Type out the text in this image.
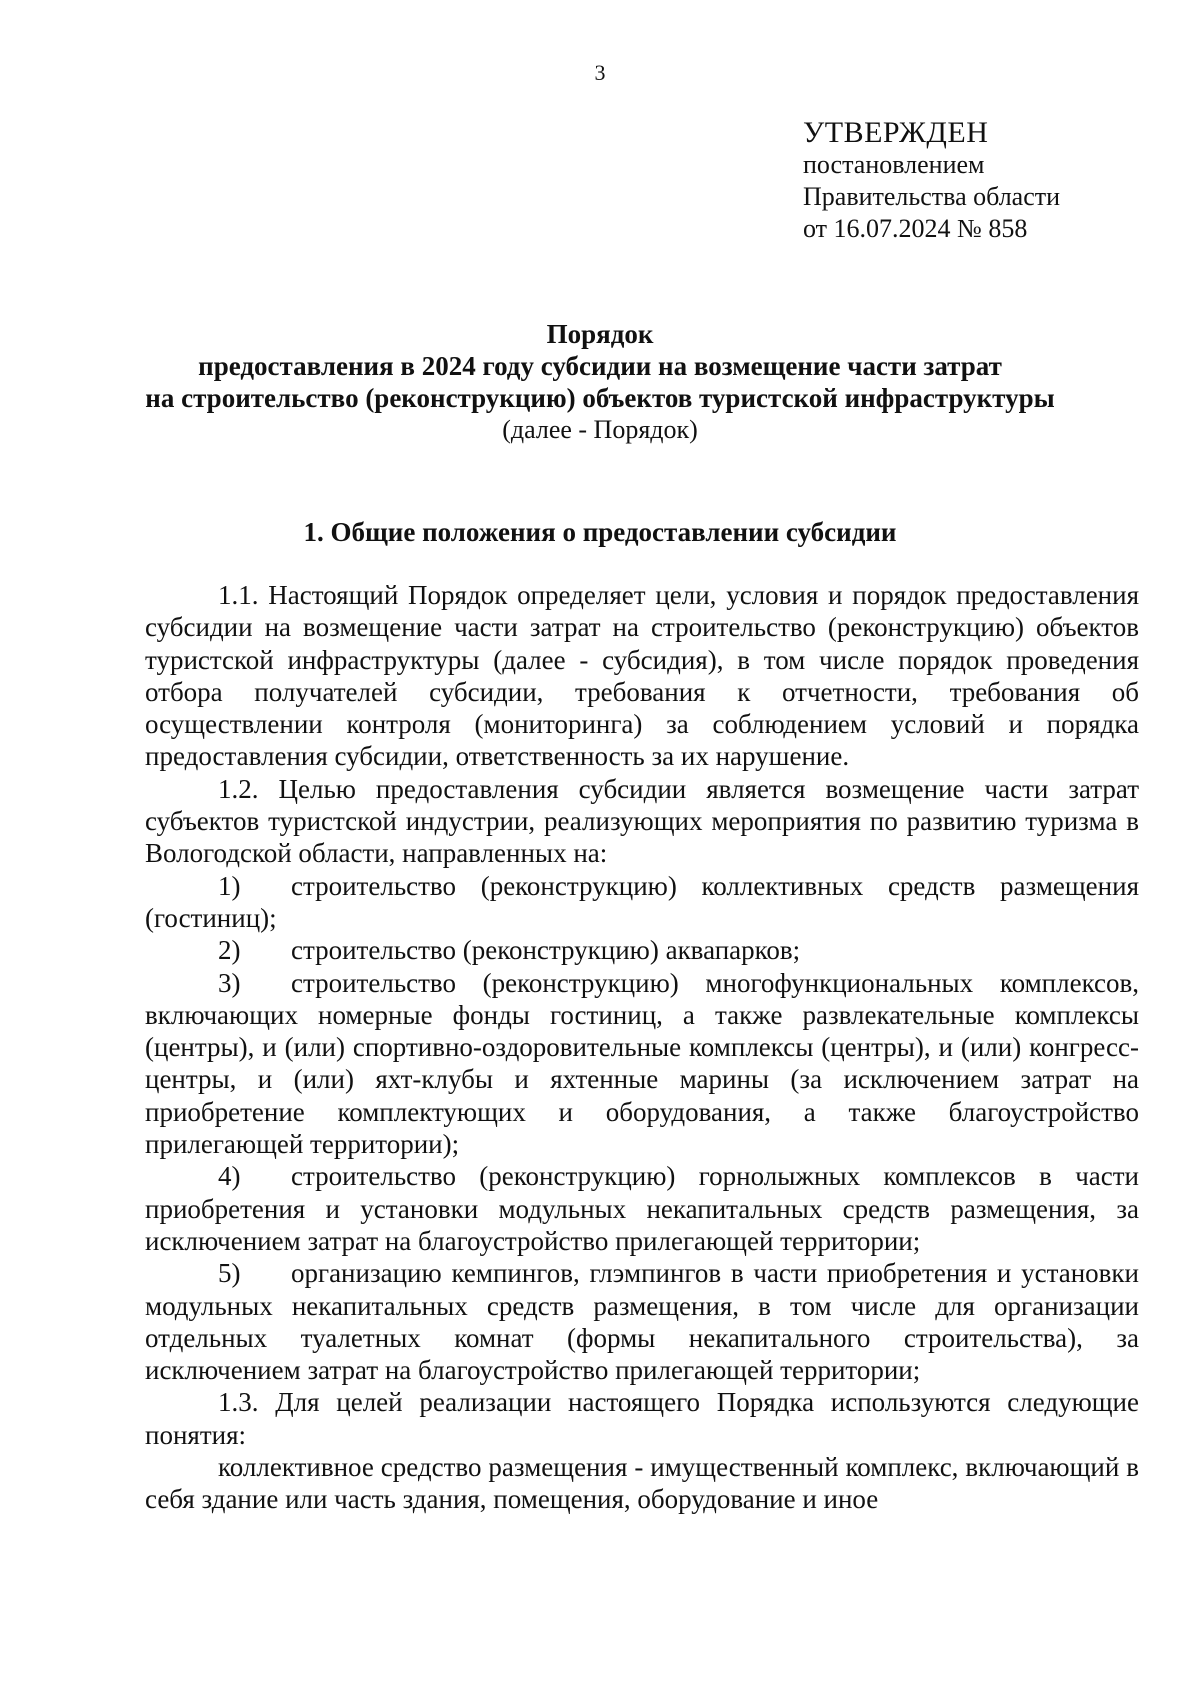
3
УТВЕРЖДЕН
постановлением
Правительства области
от 16.07.2024 № 858
Порядок
предоставления в 2024 году субсидии на возмещение части затрат
на строительство (реконструкцию) объектов туристской инфраструктуры
(далее - Порядок)
1. Общие положения о предоставлении субсидии

1.1. Настоящий Порядок определяет цели, условия и порядок предоставления субсидии на возмещение части затрат на строительство (реконструкцию) объектов туристской инфраструктуры (далее - субсидия), в том числе порядок проведения отбора получателей субсидии, требования к отчетности, требования об осуществлении контроля (мониторинга) за соблюдением условий и порядка предоставления субсидии, ответственность за их нарушение.

1.2. Целью предоставления субсидии является возмещение части затрат субъектов туристской индустрии, реализующих мероприятия по развитию туризма в Вологодской области, направленных на:

1) строительство (реконструкцию) коллективных средств размещения (гостиниц);

2) строительство (реконструкцию) аквапарков;

3) строительство (реконструкцию) многофункциональных комплексов, включающих номерные фонды гостиниц, а также развлекательные комплексы (центры), и (или) спортивно-оздоровительные комплексы (центры), и (или) конгресс-центры, и (или) яхт-клубы и яхтенные марины (за исключением затрат на приобретение комплектующих и оборудования, а также благоустройство прилегающей территории);

4) строительство (реконструкцию) горнолыжных комплексов в части приобретения и установки модульных некапитальных средств размещения, за исключением затрат на благоустройство прилегающей территории;

5) организацию кемпингов, глэмпингов в части приобретения и установки модульных некапитальных средств размещения, в том числе для организации отдельных туалетных комнат (формы некапитального строительства), за исключением затрат на благоустройство прилегающей территории;

1.3. Для целей реализации настоящего Порядка используются следующие понятия:

коллективное средство размещения - имущественный комплекс, включающий в себя здание или часть здания, помещения, оборудование и иное
